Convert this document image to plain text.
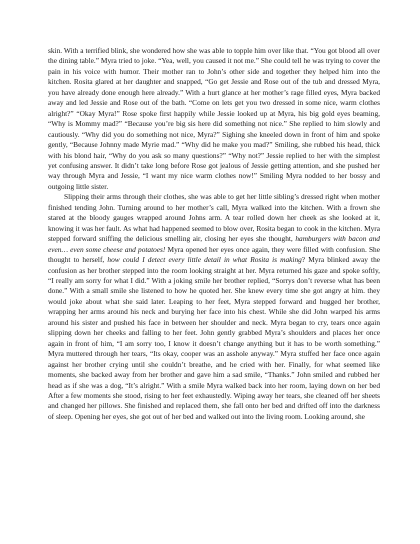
skin. With a terrified blink, she wondered how she was able to topple him over like that. “You got blood all over the dining table.” Myra tried to joke. “Yea, well, you caused it not me.” She could tell he was trying to cover the pain in his voice with humor. Their mother ran to John’s other side and together they helped him into the kitchen. Rosita glared at her daughter and snapped, “Go get Jessie and Rose out of the tub and dressed Myra, you have already done enough here already.” With a hurt glance at her mother’s rage filled eyes, Myra backed away and led Jessie and Rose out of the bath. “Come on lets get you two dressed in some nice, warm clothes alright?” “Okay Myra!” Rose spoke first happily while Jessie looked up at Myra, his big gold eyes beaming, “Why is Mommy mad?” “Because you’re big sis here did something not nice.” She replied to him slowly and cautiously. “Why did you do something not nice, Myra?” Sighing she kneeled down in front of him and spoke gently, “Because Johnny made Myrie mad.” “Why did he make you mad?” Smiling, she rubbed his head, thick with his blond hair, “Why do you ask so many questions?” “Why not?” Jessie replied to her with the simplest yet confusing answer. It didn’t take long before Rose got jealous of Jessie getting attention, and she pushed her way through Myra and Jessie, “I want my nice warm clothes now!” Smiling Myra nodded to her bossy and outgoing little sister.

Slipping their arms through their clothes, she was able to get her little sibling’s dressed right when mother finished tending John. Turning around to her mother’s call, Myra walked into the kitchen. With a frown she stared at the bloody gauges wrapped around Johns arm. A tear rolled down her cheek as she looked at it, knowing it was her fault. As what had happened seemed to blow over, Rosita began to cook in the kitchen. Myra stepped forward sniffing the delicious smelling air, closing her eyes she thought, hamburgers with bacon and even… even some cheese and potatoes! Myra opened her eyes once again, they were filled with confusion. She thought to herself, how could I detect every little detail in what Rosita is making? Myra blinked away the confusion as her brother stepped into the room looking straight at her. Myra returned his gaze and spoke softly, “I really am sorry for what I did.” With a joking smile her brother replied, “Sorrys don’t reverse what has been done.” With a small smile she listened to how he quoted her. She knew every time she got angry at him. they would joke about what she said later. Leaping to her feet, Myra stepped forward and hugged her brother, wrapping her arms around his neck and burying her face into his chest. While she did John warped his arms around his sister and pushed his face in between her shoulder and neck. Myra began to cry, tears once again slipping down her cheeks and falling to her feet. John gently grabbed Myra’s shoulders and places her once again in front of him, “I am sorry too, I know it doesn’t change anything but it has to be worth something.” Myra muttered through her tears, “Its okay, cooper was an asshole anyway.” Myra stuffed her face once again against her brother crying until she couldn’t breathe, and he cried with her. Finally, for what seemed like moments, she backed away from her brother and gave him a sad smile, “Thanks.” John smiled and rubbed her head as if she was a dog, “It’s alright.” With a smile Myra walked back into her room, laying down on her bed After a few moments she stood, rising to her feet exhaustedly. Wiping away her tears, she cleaned off her sheets and changed her pillows. She finished and replaced them, she fall onto her bed and drifted off into the darkness of sleep. Opening her eyes, she got out of her bed and walked out into the living room. Looking around, she
